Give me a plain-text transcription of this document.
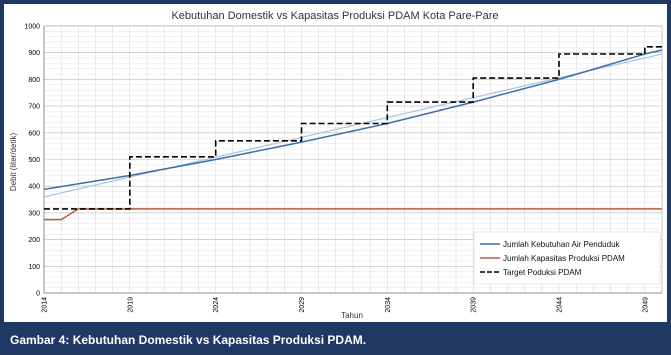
Kebutuhan Domestik vs Kapasitas Produksi PDAM Kota Pare-Pare
0
100
200
300
400
500
600
700
800
900
1000
2014	2019	2024	2029	2034	2039	2044	2049
Tahun
Debit (liter/detik)
Jumlah Kebutuhan Air Penduduk
Jumlah Kapasitas Produksi PDAM
Target Poduksi PDAM
Gambar 4: Kebutuhan Domestik vs Kapasitas Produksi PDAM.
